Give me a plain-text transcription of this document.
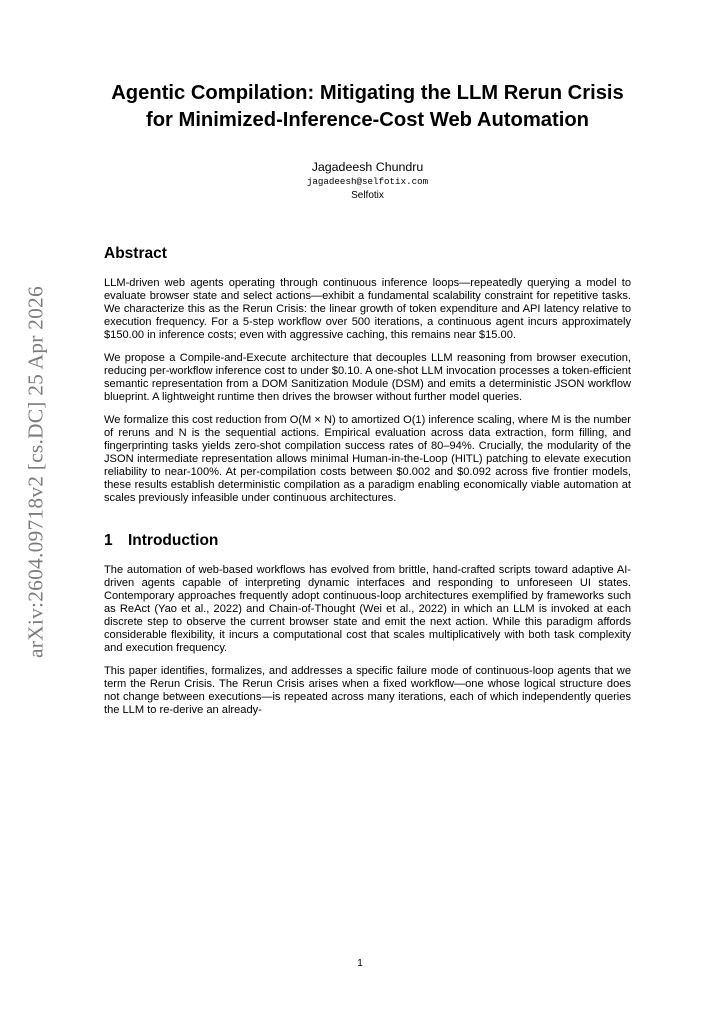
arXiv:2604.09718v2 [cs.DC] 25 Apr 2026
Agentic Compilation: Mitigating the LLM Rerun Crisis for Minimized-Inference-Cost Web Automation
Jagadeesh Chundru
jagadeesh@selfotix.com
Selfotix
Abstract

LLM-driven web agents operating through continuous inference loops—repeatedly querying a model to evaluate browser state and select actions—exhibit a fundamental scalability constraint for repetitive tasks. We characterize this as the Rerun Crisis: the linear growth of token expenditure and API latency relative to execution frequency. For a 5-step workflow over 500 iterations, a continuous agent incurs approximately $150.00 in inference costs; even with aggressive caching, this remains near $15.00.

We propose a Compile-and-Execute architecture that decouples LLM reasoning from browser execution, reducing per-workflow inference cost to under $0.10. A one-shot LLM invocation processes a token-efficient semantic representation from a DOM Sanitization Module (DSM) and emits a deterministic JSON workflow blueprint. A lightweight runtime then drives the browser without further model queries.

We formalize this cost reduction from O(M × N) to amortized O(1) inference scaling, where M is the number of reruns and N is the sequential actions. Empirical evaluation across data extraction, form filling, and fingerprinting tasks yields zero-shot compilation success rates of 80–94%. Crucially, the modularity of the JSON intermediate representation allows minimal Human-in-the-Loop (HITL) patching to elevate execution reliability to near-100%. At per-compilation costs between $0.002 and $0.092 across five frontier models, these results establish deterministic compilation as a paradigm enabling economically viable automation at scales previously infeasible under continuous architectures.

1 Introduction

The automation of web-based workflows has evolved from brittle, hand-crafted scripts toward adaptive AI-driven agents capable of interpreting dynamic interfaces and responding to unforeseen UI states. Contemporary approaches frequently adopt continuous-loop architectures exemplified by frameworks such as ReAct (Yao et al., 2022) and Chain-of-Thought (Wei et al., 2022) in which an LLM is invoked at each discrete step to observe the current browser state and emit the next action. While this paradigm affords considerable flexibility, it incurs a computational cost that scales multiplicatively with both task complexity and execution frequency.

This paper identifies, formalizes, and addresses a specific failure mode of continuous-loop agents that we term the Rerun Crisis. The Rerun Crisis arises when a fixed workflow—one whose logical structure does not change between executions—is repeated across many iterations, each of which independently queries the LLM to re-derive an already-

1
